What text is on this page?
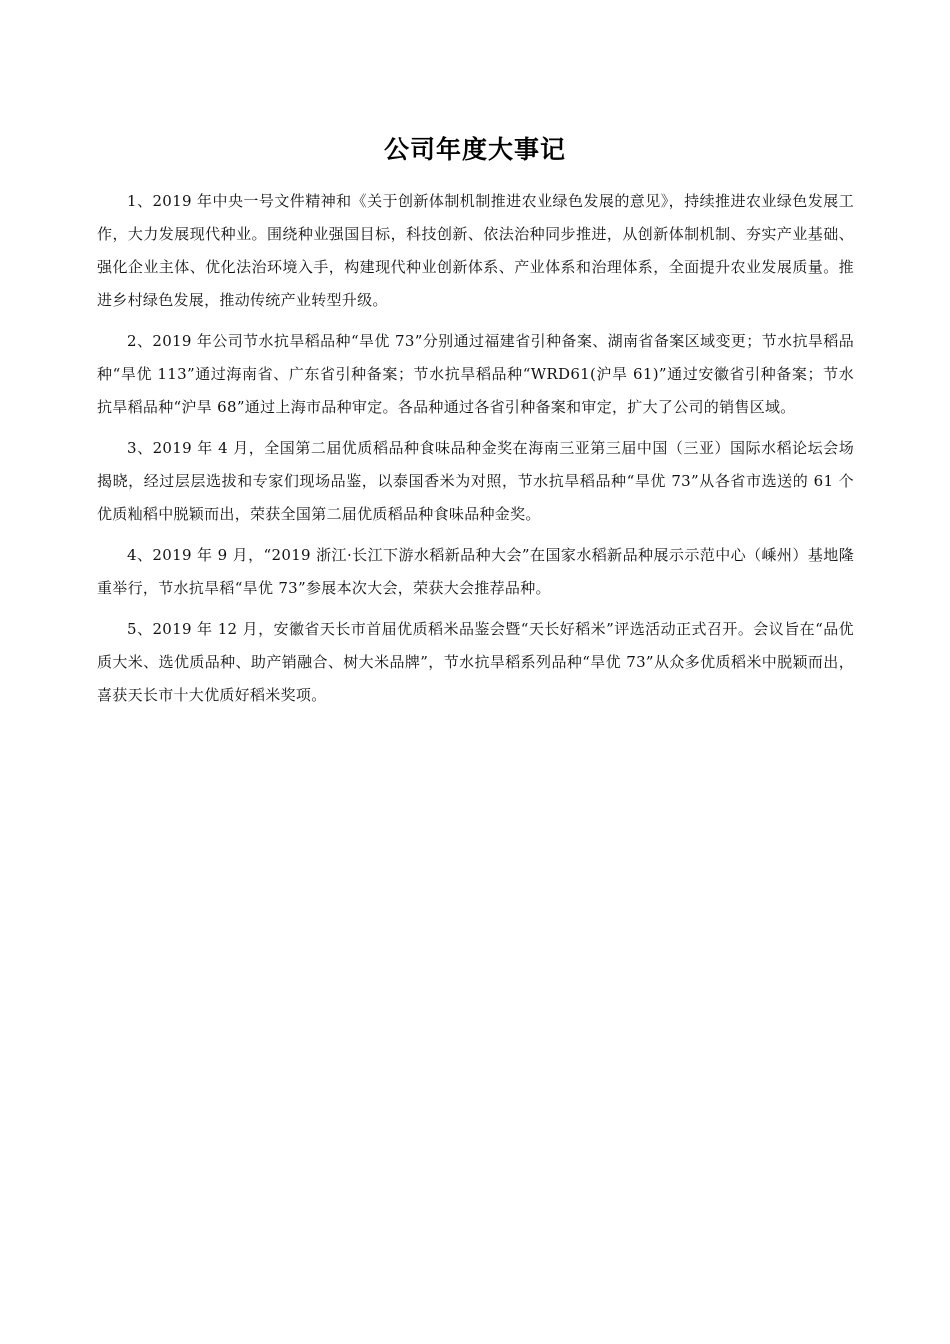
公司年度大事记

1、2019 年中央一号文件精神和《关于创新体制机制推进农业绿色发展的意见》，持续推进农业绿色发展工作，大力发展现代种业。围绕种业强国目标，科技创新、依法治种同步推进，从创新体制机制、夯实产业基础、强化企业主体、优化法治环境入手，构建现代种业创新体系、产业体系和治理体系，全面提升农业发展质量。推进乡村绿色发展，推动传统产业转型升级。

2、2019 年公司节水抗旱稻品种“旱优 73”分别通过福建省引种备案、湖南省备案区域变更；节水抗旱稻品种“旱优 113”通过海南省、广东省引种备案；节水抗旱稻品种“WRD61(沪旱 61)”通过安徽省引种备案；节水抗旱稻品种“沪旱 68”通过上海市品种审定。各品种通过各省引种备案和审定，扩大了公司的销售区域。

3、2019 年 4 月，全国第二届优质稻品种食味品种金奖在海南三亚第三届中国（三亚）国际水稻论坛会场揭晓，经过层层选拔和专家们现场品鉴，以泰国香米为对照，节水抗旱稻品种“旱优 73”从各省市选送的 61 个优质籼稻中脱颖而出，荣获全国第二届优质稻品种食味品种金奖。

4、2019 年 9 月，“2019 浙江·长江下游水稻新品种大会”在国家水稻新品种展示示范中心（嵊州）基地隆重举行，节水抗旱稻“旱优 73”参展本次大会，荣获大会推荐品种。

5、2019 年 12 月，安徽省天长市首届优质稻米品鉴会暨“天长好稻米”评选活动正式召开。会议旨在“品优质大米、选优质品种、助产销融合、树大米品牌”，节水抗旱稻系列品种“旱优 73”从众多优质稻米中脱颖而出，喜获天长市十大优质好稻米奖项。
